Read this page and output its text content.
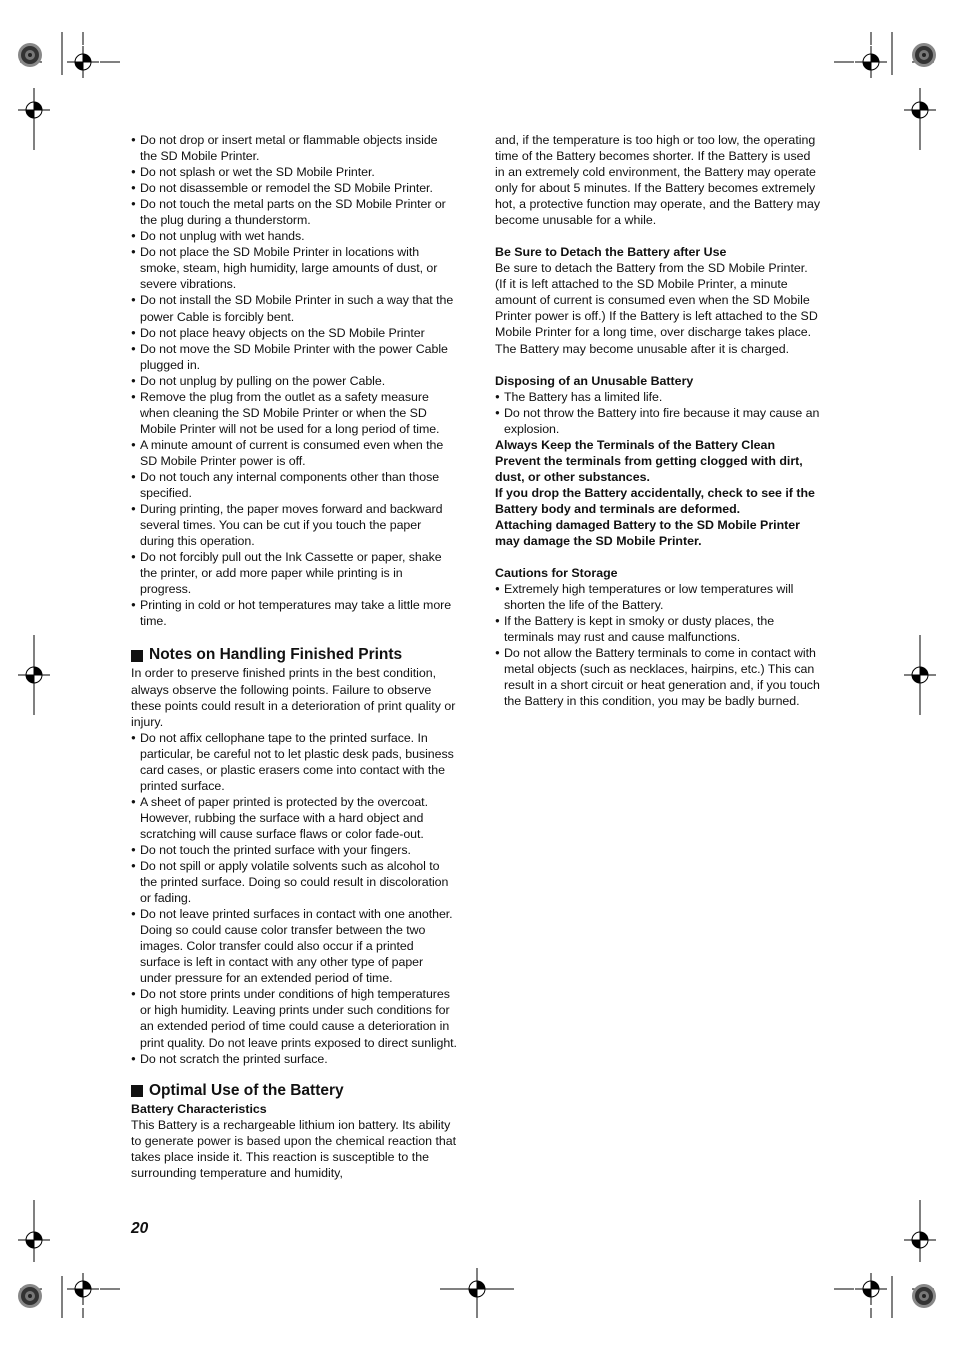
● Do not drop or insert metal or flammable objects inside the SD Mobile Printer.
● Do not splash or wet the SD Mobile Printer.
● Do not disassemble or remodel the SD Mobile Printer.
● Do not touch the metal parts on the SD Mobile Printer or the plug during a thunderstorm.
● Do not unplug with wet hands.
● Do not place the SD Mobile Printer in locations with smoke, steam, high humidity, large amounts of dust, or severe vibrations.
● Do not install the SD Mobile Printer in such a way that the power Cable is forcibly bent.
● Do not place heavy objects on the SD Mobile Printer
● Do not move the SD Mobile Printer with the power Cable plugged in.
● Do not unplug by pulling on the power Cable.
● Remove the plug from the outlet as a safety measure when cleaning the SD Mobile Printer or when the SD Mobile Printer will not be used for a long period of time.
● A minute amount of current is consumed even when the SD Mobile Printer power is off.
● Do not touch any internal components other than those specified.
● During printing, the paper moves forward and backward several times. You can be cut if you touch the paper during this operation.
● Do not forcibly pull out the Ink Cassette or paper, shake the printer, or add more paper while printing is in progress.
● Printing in cold or hot temperatures may take a little more time.
Notes on Handling Finished Prints

In order to preserve finished prints in the best condition, always observe the following points. Failure to observe these points could result in a deterioration of print quality or injury.

● Do not affix cellophane tape to the printed surface. In particular, be careful not to let plastic desk pads, business card cases, or plastic erasers come into contact with the printed surface.
● A sheet of paper printed is protected by the overcoat. However, rubbing the surface with a hard object and scratching will cause surface flaws or color fade-out.
● Do not touch the printed surface with your fingers.
● Do not spill or apply volatile solvents such as alcohol to the printed surface. Doing so could result in discoloration or fading.
● Do not leave printed surfaces in contact with one another. Doing so could cause color transfer between the two images. Color transfer could also occur if a printed surface is left in contact with any other type of paper under pressure for an extended period of time.
● Do not store prints under conditions of high temperatures or high humidity. Leaving prints under such conditions for an extended period of time could cause a deterioration in print quality. Do not leave prints exposed to direct sunlight.
● Do not scratch the printed surface.
Optimal Use of the Battery
Battery Characteristics

This Battery is a rechargeable lithium ion battery. Its ability to generate power is based upon the chemical reaction that takes place inside it. This reaction is susceptible to the surrounding temperature and humidity,

20

and, if the temperature is too high or too low, the operating time of the Battery becomes shorter. If the Battery is used in an extremely cold environment, the Battery may operate only for about 5 minutes. If the Battery becomes extremely hot, a protective function may operate, and the Battery may become unusable for a while.

Be Sure to Detach the Battery after Use

Be sure to detach the Battery from the SD Mobile Printer. (If it is left attached to the SD Mobile Printer, a minute amount of current is consumed even when the SD Mobile Printer power is off.) If the Battery is left attached to the SD Mobile Printer for a long time, over discharge takes place. The Battery may become unusable after it is charged.

Disposing of an Unusable Battery
● The Battery has a limited life.
● Do not throw the Battery into fire because it may cause an explosion.

Always Keep the Terminals of the Battery Clean

Prevent the terminals from getting clogged with dirt, dust, or other substances.

If you drop the Battery accidentally, check to see if the Battery body and terminals are deformed.

Attaching damaged Battery to the SD Mobile Printer may damage the SD Mobile Printer.

Cautions for Storage
● Extremely high temperatures or low temperatures will shorten the life of the Battery.
● If the Battery is kept in smoky or dusty places, the terminals may rust and cause malfunctions.
● Do not allow the Battery terminals to come in contact with metal objects (such as necklaces, hairpins, etc.) This can result in a short circuit or heat generation and, if you touch the Battery in this condition, you may be badly burned.
